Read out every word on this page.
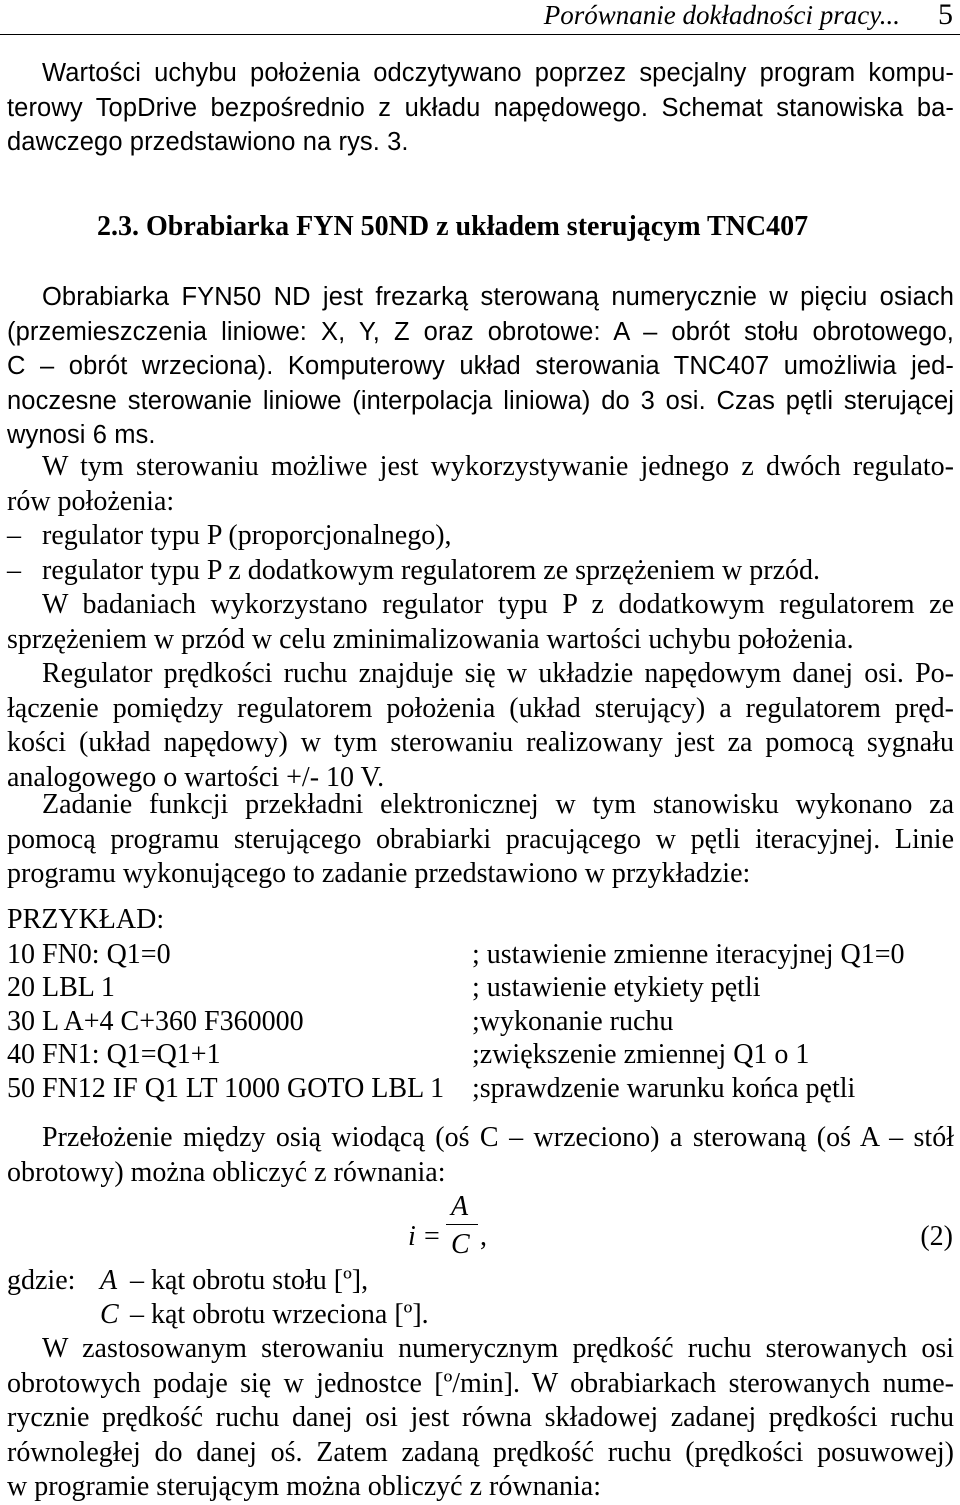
Porównanie dokładności pracy... 5
Wartości uchybu położenia odczytywano poprzez specjalny program kompu-
terowy TopDrive bezpośrednio z układu napędowego. Schemat stanowiska ba-
dawczego przedstawiono na rys. 3.
2.3. Obrabiarka FYN 50ND z układem sterującym TNC407
Obrabiarka FYN50 ND jest frezarką sterowaną numerycznie w pięciu osiach
(przemieszczenia liniowe: X, Y, Z oraz obrotowe: A – obrót stołu obrotowego,
C – obrót wrzeciona). Komputerowy układ sterowania TNC407 umożliwia jed-
noczesne sterowanie liniowe (interpolacja liniowa) do 3 osi. Czas pętli sterującej
wynosi 6 ms.
W tym sterowaniu możliwe jest wykorzystywanie jednego z dwóch regulato-
rów położenia:
– regulator typu P (proporcjonalnego),
– regulator typu P z dodatkowym regulatorem ze sprzężeniem w przód.
W badaniach wykorzystano regulator typu P z dodatkowym regulatorem ze
sprzężeniem w przód w celu zminimalizowania wartości uchybu położenia.
Regulator prędkości ruchu znajduje się w układzie napędowym danej osi. Po-
łączenie pomiędzy regulatorem położenia (układ sterujący) a regulatorem pręd-
kości (układ napędowy) w tym sterowaniu realizowany jest za pomocą sygnału
analogowego o wartości +/- 10 V.
Zadanie funkcji przekładni elektronicznej w tym stanowisku wykonano za
pomocą programu sterującego obrabiarki pracującego w pętli iteracyjnej. Linie
programu wykonującego to zadanie przedstawiono w przykładzie:
PRZYKŁAD:
10 FN0: Q1=0	; ustawienie zmienne iteracyjnej Q1=0
20 LBL 1	; ustawienie etykiety pętli
30 L A+4 C+360 F360000	;wykonanie ruchu
40 FN1: Q1=Q1+1	;zwiększenie zmiennej Q1 o 1
50 FN12 IF Q1 LT 1000 GOTO LBL 1 ;sprawdzenie warunku końca pętli
Przełożenie między osią wiodącą (oś C – wrzeciono) a sterowaną (oś A – stół
obrotowy) można obliczyć z równania:
i =
A
C ,	(2)
gdzie: A – kąt obrotu stołu [º],
C – kąt obrotu wrzeciona [º].
W zastosowanym sterowaniu numerycznym prędkość ruchu sterowanych osi
obrotowych podaje się w jednostce [º/min]. W obrabiarkach sterowanych nume-
rycznie prędkość ruchu danej osi jest równa składowej zadanej prędkości ruchu
równoległej do danej oś. Zatem zadaną prędkość ruchu (prędkości posuwowej)
w programie sterującym można obliczyć z równania:
